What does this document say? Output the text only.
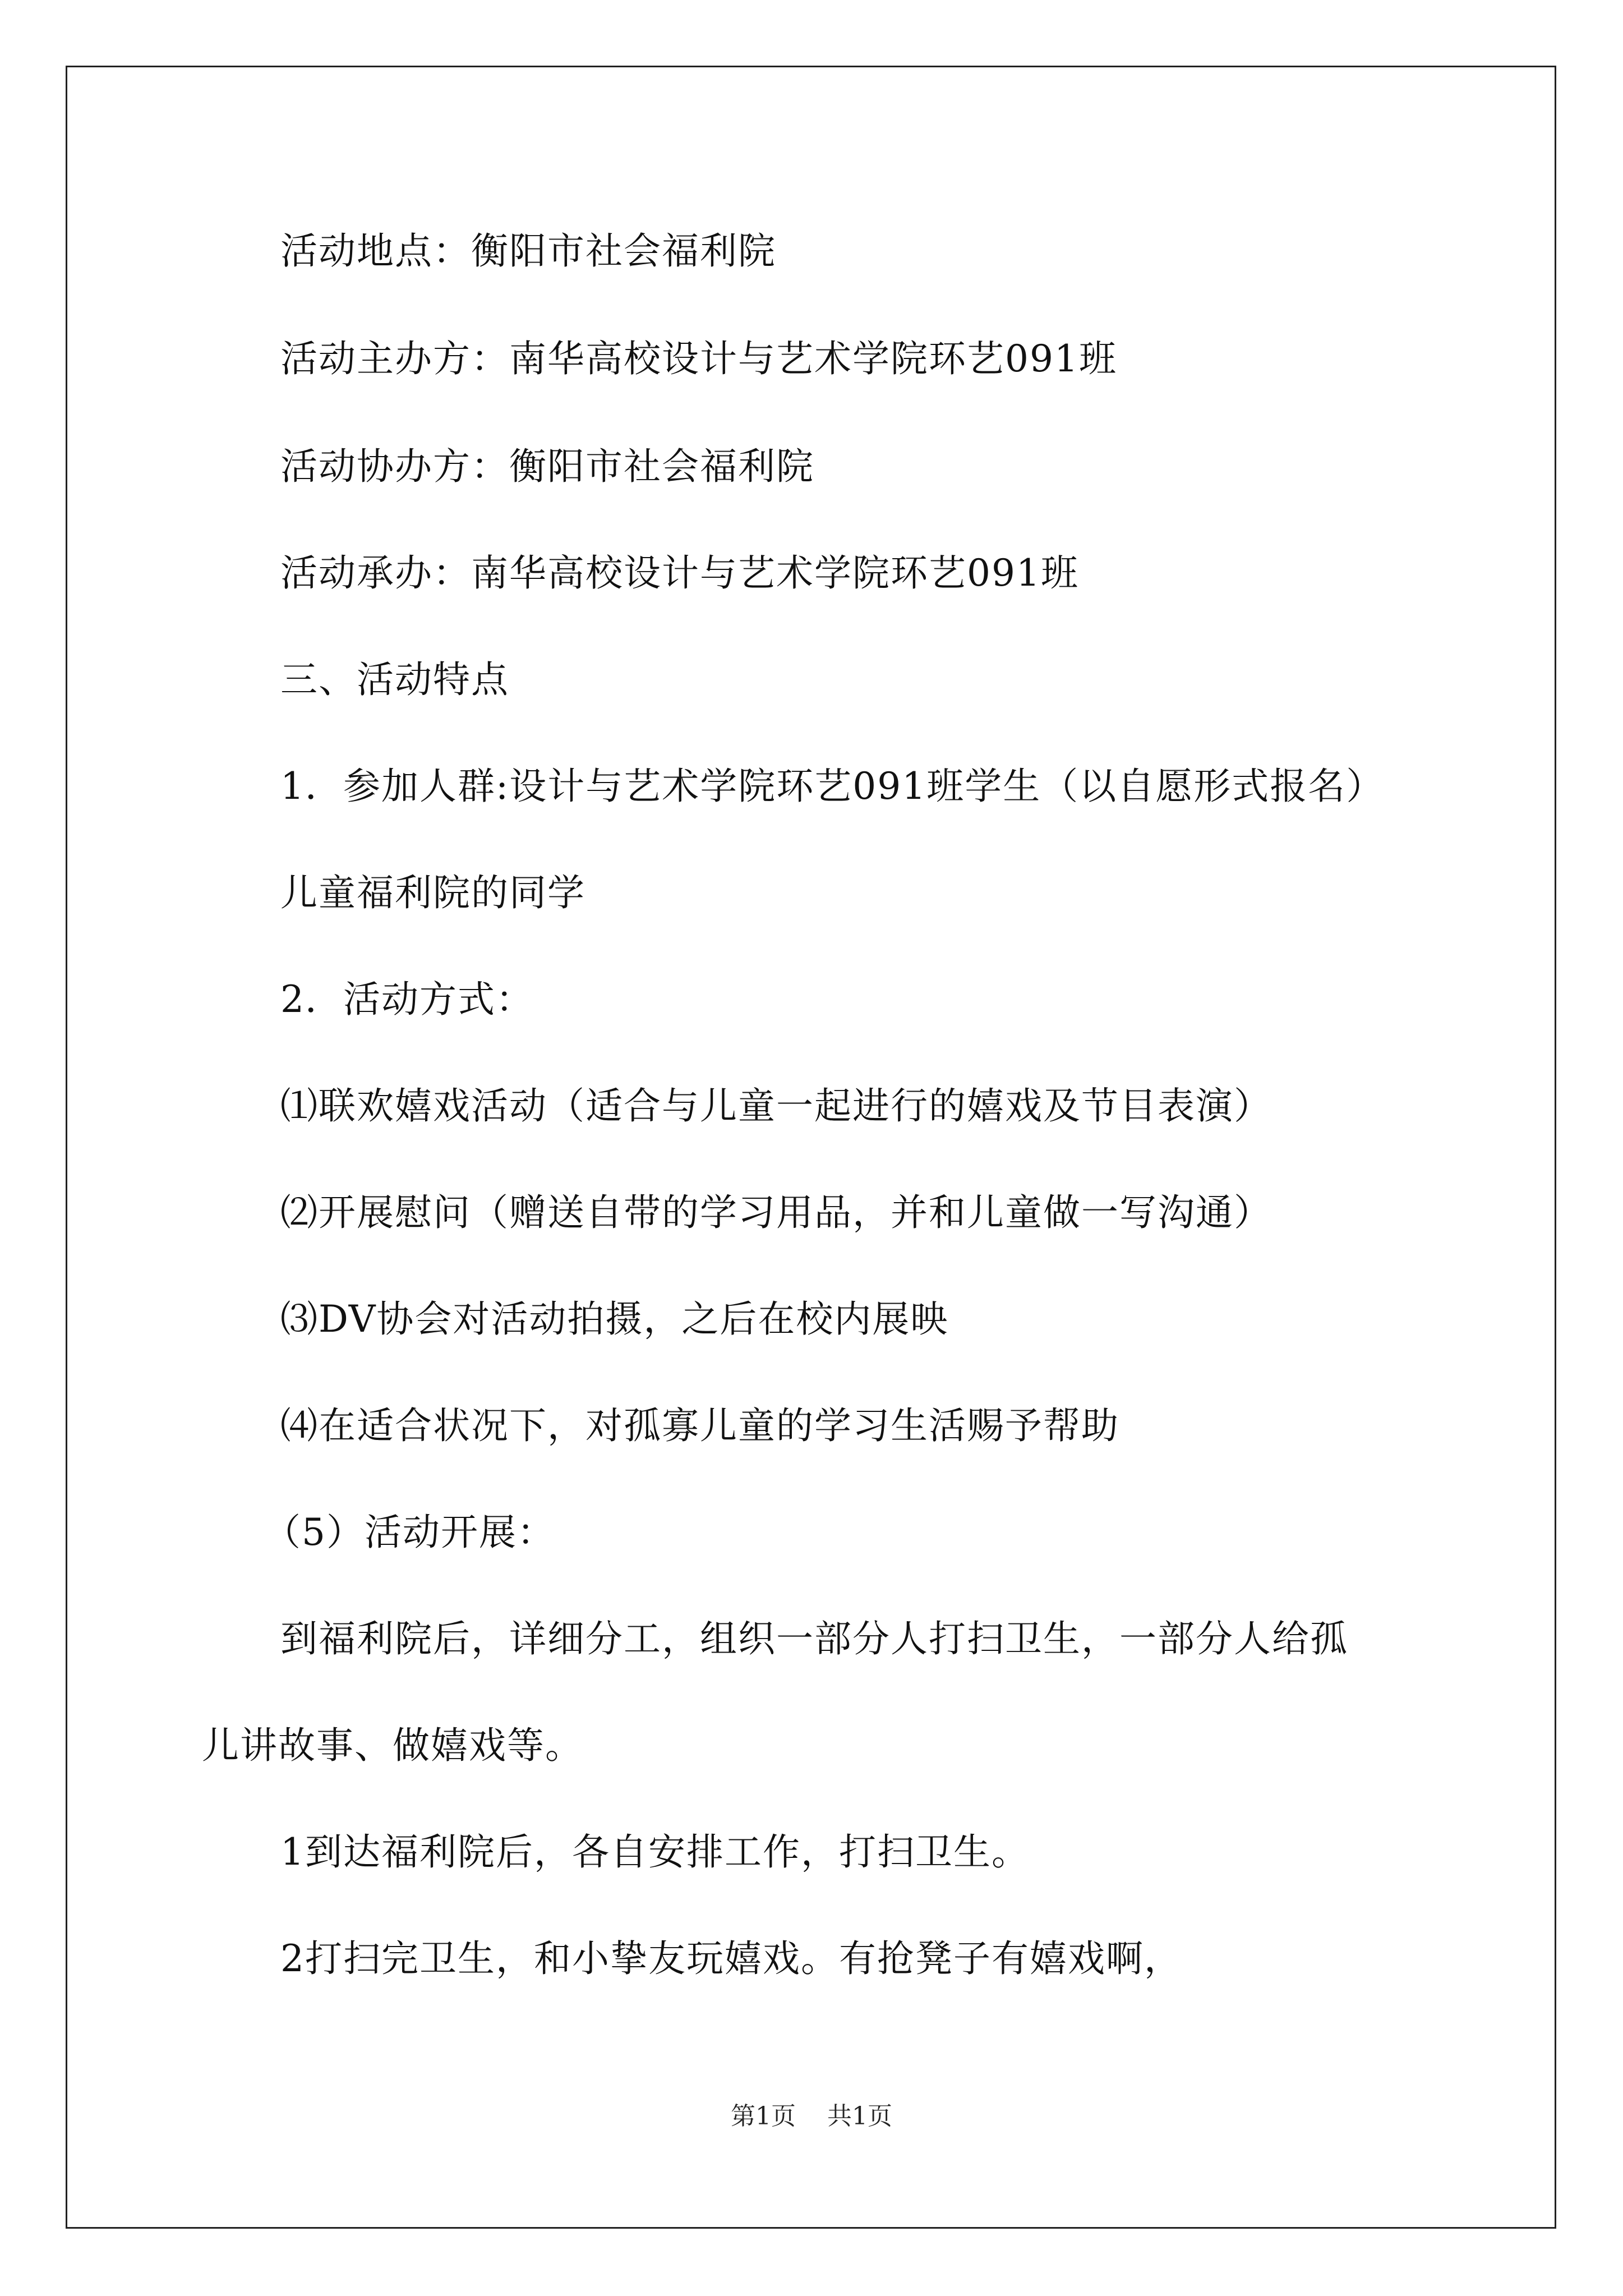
活动地点：衡阳市社会福利院
活动主办方：南华高校设计与艺术学院环艺091班
活动协办方：衡阳市社会福利院
活动承办：南华高校设计与艺术学院环艺091班
三、活动特点
1．参加人群:设计与艺术学院环艺091班学生（以自愿形式报名）
儿童福利院的同学
2．活动方式：
⑴联欢嬉戏活动（适合与儿童一起进行的嬉戏及节目表演）
⑵开展慰问（赠送自带的学习用品，并和儿童做一写沟通）
⑶DV协会对活动拍摄，之后在校内展映
⑷在适合状况下，对孤寡儿童的学习生活赐予帮助
（5）活动开展：
到福利院后，详细分工，组织一部分人打扫卫生，一部分人给孤
儿讲故事、做嬉戏等。
1到达福利院后，各自安排工作，打扫卫生。
2打扫完卫生，和小挚友玩嬉戏。有抢凳子有嬉戏啊，
第1页    共1页
